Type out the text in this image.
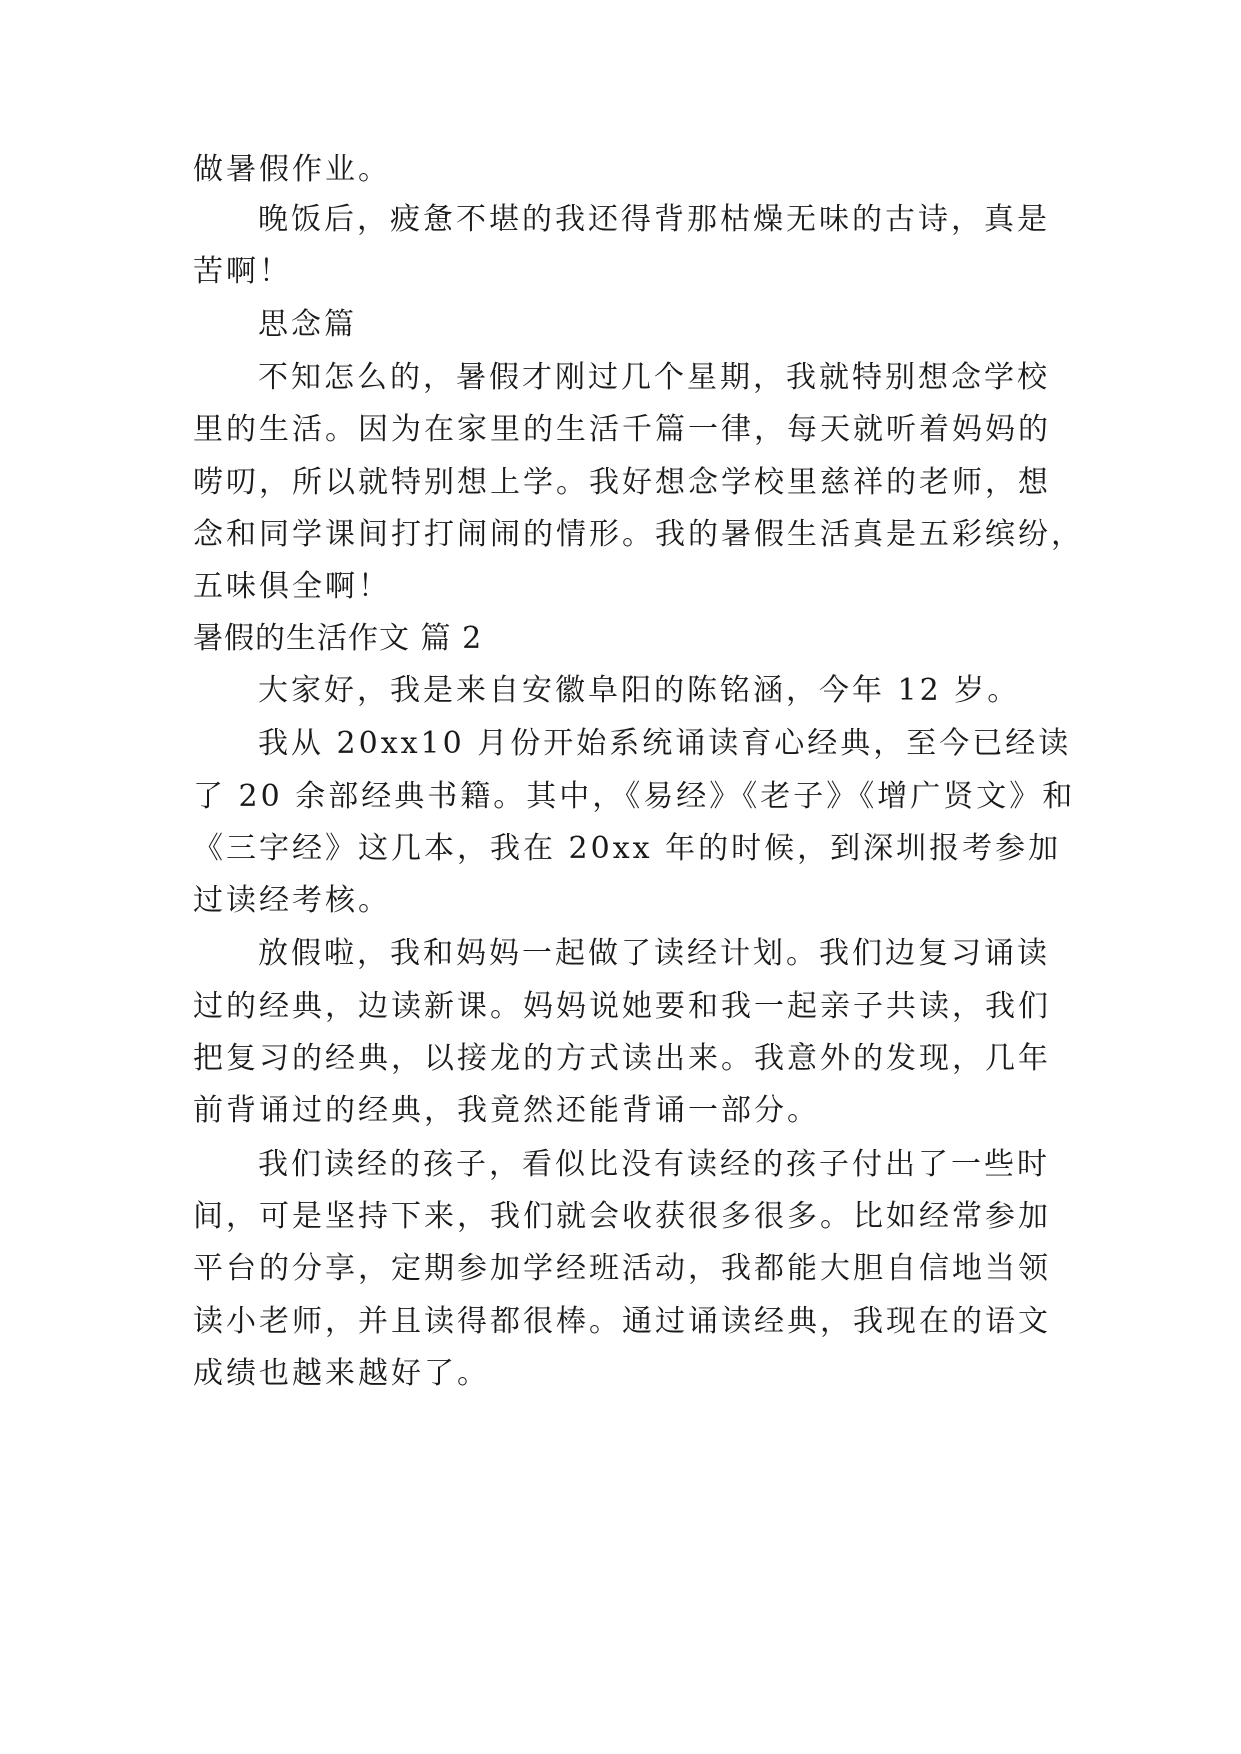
做暑假作业。
晚饭后，疲惫不堪的我还得背那枯燥无味的古诗，真是
苦啊！
思念篇
不知怎么的，暑假才刚过几个星期，我就特别想念学校
里的生活。因为在家里的生活千篇一律，每天就听着妈妈的
唠叨，所以就特别想上学。我好想念学校里慈祥的老师，想
念和同学课间打打闹闹的情形。我的暑假生活真是五彩缤纷，
五味俱全啊！
暑假的生活作文 篇 2
大家好，我是来自安徽阜阳的陈铭涵，今年 12 岁。
我从 20xx10 月份开始系统诵读育心经典，至今已经读
了 20 余部经典书籍。其中，《易经》《老子》《增广贤文》和
《三字经》这几本，我在 20xx 年的时候，到深圳报考参加
过读经考核。
放假啦，我和妈妈一起做了读经计划。我们边复习诵读
过的经典，边读新课。妈妈说她要和我一起亲子共读，我们
把复习的经典，以接龙的方式读出来。我意外的发现，几年
前背诵过的经典，我竟然还能背诵一部分。
我们读经的孩子，看似比没有读经的孩子付出了一些时
间，可是坚持下来，我们就会收获很多很多。比如经常参加
平台的分享，定期参加学经班活动，我都能大胆自信地当领
读小老师，并且读得都很棒。通过诵读经典，我现在的语文
成绩也越来越好了。
